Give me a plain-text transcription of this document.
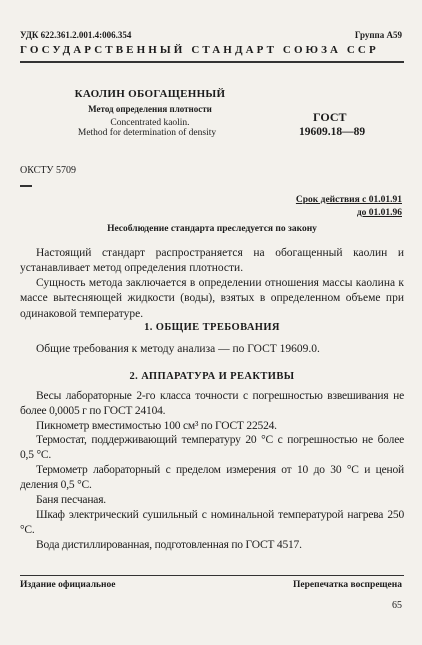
УДК 622.361.2.001.4:006.354	Группа А59
ГОСУДАРСТВЕННЫЙ СТАНДАРТ СОЮЗА ССР
КАОЛИН ОБОГАЩЕННЫЙ
Метод определения плотности
Concentrated kaolin.
Method for determination of density
ГОСТ
19609.18—89
ОКСТУ 5709
Срок действия с 01.01.91
до 01.01.96
Несоблюдение стандарта преследуется по закону
Настоящий стандарт распространяется на обогащенный каолин и устанавливает метод определения плотности.
Сущность метода заключается в определении отношения массы каолина к массе вытесняющей жидкости (воды), взятых в определенном объеме при одинаковой температуре.
1. ОБЩИЕ ТРЕБОВАНИЯ
Общие требования к методу анализа — по ГОСТ 19609.0.
2. АППАРАТУРА И РЕАКТИВЫ
Весы лабораторные 2-го класса точности с погрешностью взвешивания не более 0,0005 г по ГОСТ 24104.
Пикнометр вместимостью 100 см³ по ГОСТ 22524.
Термостат, поддерживающий температуру 20 °С с погрешностью не более 0,5 °С.
Термометр лабораторный с пределом измерения от 10 до 30 °С и ценой деления 0,5 °С.
Баня песчаная.
Шкаф электрический сушильный с номинальной температурой нагрева 250 °С.
Вода дистиллированная, подготовленная по ГОСТ 4517.
Издание официальное	Перепечатка воспрещена
65
